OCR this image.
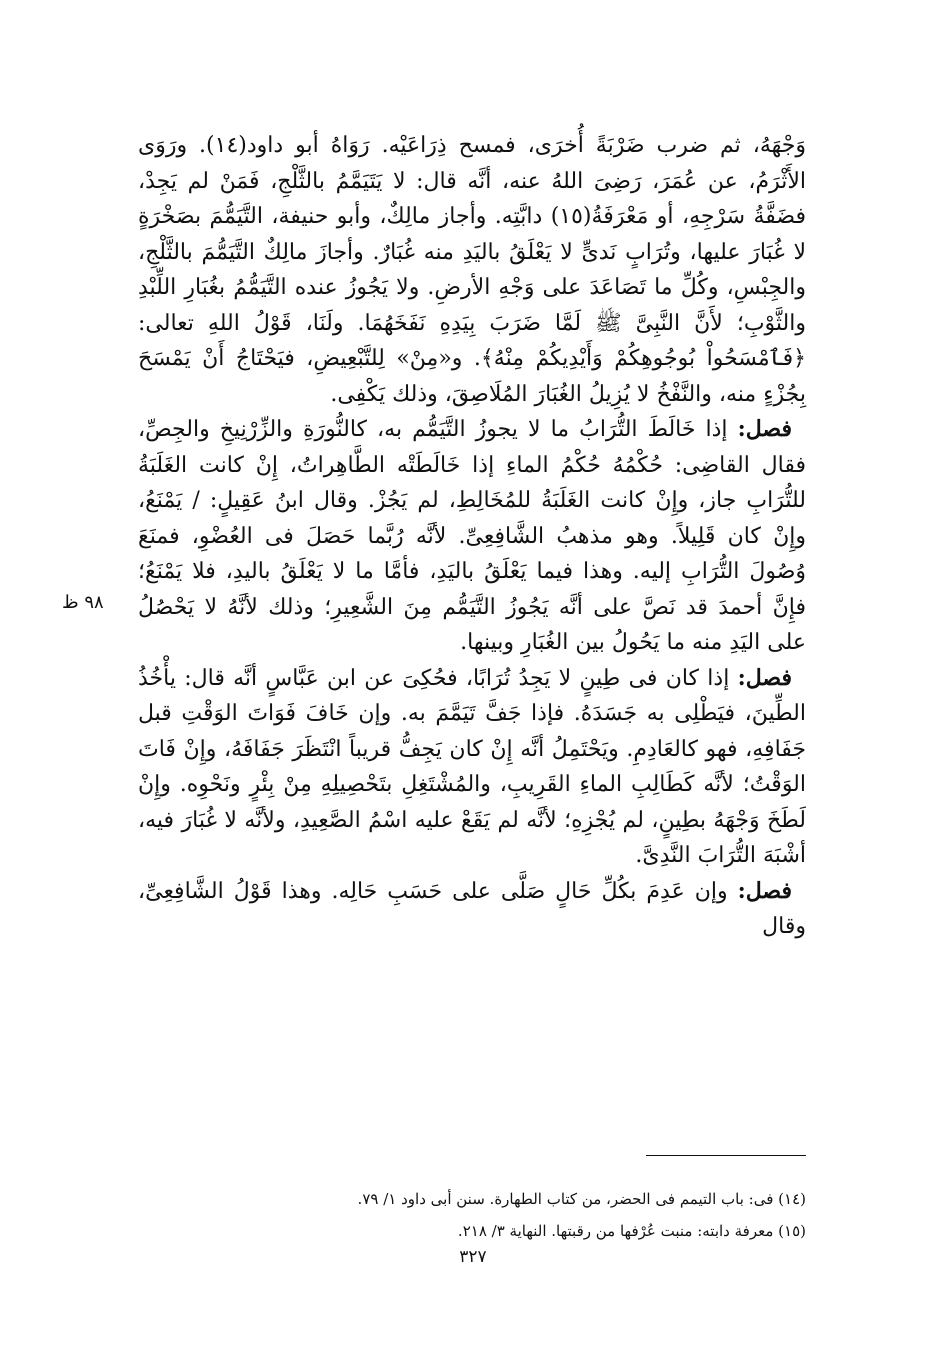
٩٨ ظ

وَجْهَهُ، ثم ضرب ضَرْبَةً أُخرَى، فمسح ذِرَاعَيْه. رَوَاهُ أبو داود(١٤). ورَوَى الأَثْرَمُ، عن عُمَرَ، رَضِىَ اللهُ عنه، أنَّه قال: لا يَتَيَمَّمُ بالثَّلْجِ، فَمَنْ لم يَجِدْ، فضَفَّةُ سَرْجِهِ، أو مَعْرَفَةُ(١٥) دابَّتِه. وأجاز مالِكٌ، وأبو حنيفة، التَّيَمُّمَ بصَخْرَةٍ لا غُبَارَ عليها، وتُرَابٍ نَدىٍّ لا يَعْلَقُ باليَدِ منه غُبَارٌ. وأجازَ مالِكٌ التَّيَمُّمَ بالثَّلْجِ، والجِبْسِ، وكُلِّ ما تَصَاعَدَ على وَجْهِ الأرضِ. ولا يَجُوزُ عنده التَّيَمُّمُ بغُبَارِ اللِّبْدِ والثَّوْبِ؛ لأَنَّ النَّبِىَّ ﷺ لَمَّا ضَرَبَ بِيَدِهِ نَفَخَهُمَا. ولَنَا، قَوْلُ اللهِ تعالى: ﴿فَٱمْسَحُواْ بُوجُوهِكُمْ وَأَيْدِيكُمْ مِنْهُ﴾. و«مِنْ» لِلتَّبْعِيضِ، فيَحْتَاجُ أَنْ يَمْسَحَ بِجُزْءٍ منه، والنَّفْخُ لا يُزِيلُ الغُبَارَ المُلَاصِقَ، وذلك يَكْفِى.

فصل: إذا خَالَطَ التُّرَابُ ما لا يجوزُ التَّيَمُّم به، كالنُّورَةِ والزِّرْنِيخِ والجِصِّ، فقال القاضِى: حُكْمُهُ حُكْمُ الماءِ إذا خَالَطَتْه الطَّاهِراتُ، إِنْ كانت الغَلَبَةُ للتُّرَابِ جاز، وإِنْ كانت الغَلَبَةُ للمُخَالِطِ، لم يَجُزْ. وقال ابنُ عَقِيلٍ: / يَمْنَعُ، وإِنْ كان قَلِيلاً. وهو مذهبُ الشَّافِعِىِّ. لأنَّه رُبَّما حَصَلَ فى العُضْوِ، فمنَعَ وُصُولَ التُّرَابِ إليه. وهذا فيما يَعْلَقُ باليَدِ، فأمَّا ما لا يَعْلَقُ باليدِ، فلا يَمْنَعُ؛ فإِنَّ أحمدَ قد نَصَّ على أنَّه يَجُوزُ التَّيَمُّم مِنَ الشَّعِيرِ؛ وذلك لأنَّهُ لا يَحْصُلُ على اليَدِ منه ما يَحُولُ بين الغُبَارِ وبينها.

فصل: إذا كان فى طِينٍ لا يَجِدُ تُرَابًا، فحُكِىَ عن ابن عَبَّاسٍ أنَّه قال: يأْخُذُ الطِّينَ، فيَطْلِى به جَسَدَهُ. فإذا جَفَّ تَيَمَّمَ به. وإن خَافَ فَوَاتَ الوَقْتِ قبل جَفَافِهِ، فهو كالعَادِمِ. ويَحْتَمِلُ أنَّه إِنْ كان يَجِفُّ قريباً انْتَظَرَ جَفَافَهُ، وإِنْ فَاتَ الوَقْتُ؛ لأنَّه كَطَالِبِ الماءِ القَرِيبِ، والمُشْتَغِلِ بتَحْصِيلِهِ مِنْ بِئْرٍ ونَحْوِه. وإِنْ لَطَخَ وَجْهَهُ بطِينٍ، لم يُجْزِهِ؛ لأنَّه لم يَقَعْ عليه اسْمُ الصَّعِيدِ، ولأنَّه لا غُبَارَ فيه، أشْبَهَ التُّرَابَ النَّدِىَّ.

فصل: وإن عَدِمَ بكُلِّ حَالٍ صَلَّى على حَسَبِ حَالِه. وهذا قَوْلُ الشَّافِعِىِّ، وقال

(١٤) فى: باب التيمم فى الحضر، من كتاب الطهارة. سنن أبى داود ١/ ٧٩.
(١٥) معرفة دابته: منبت عُرْفها من رقبتها. النهاية ٣/ ٢١٨.
٣٢٧
